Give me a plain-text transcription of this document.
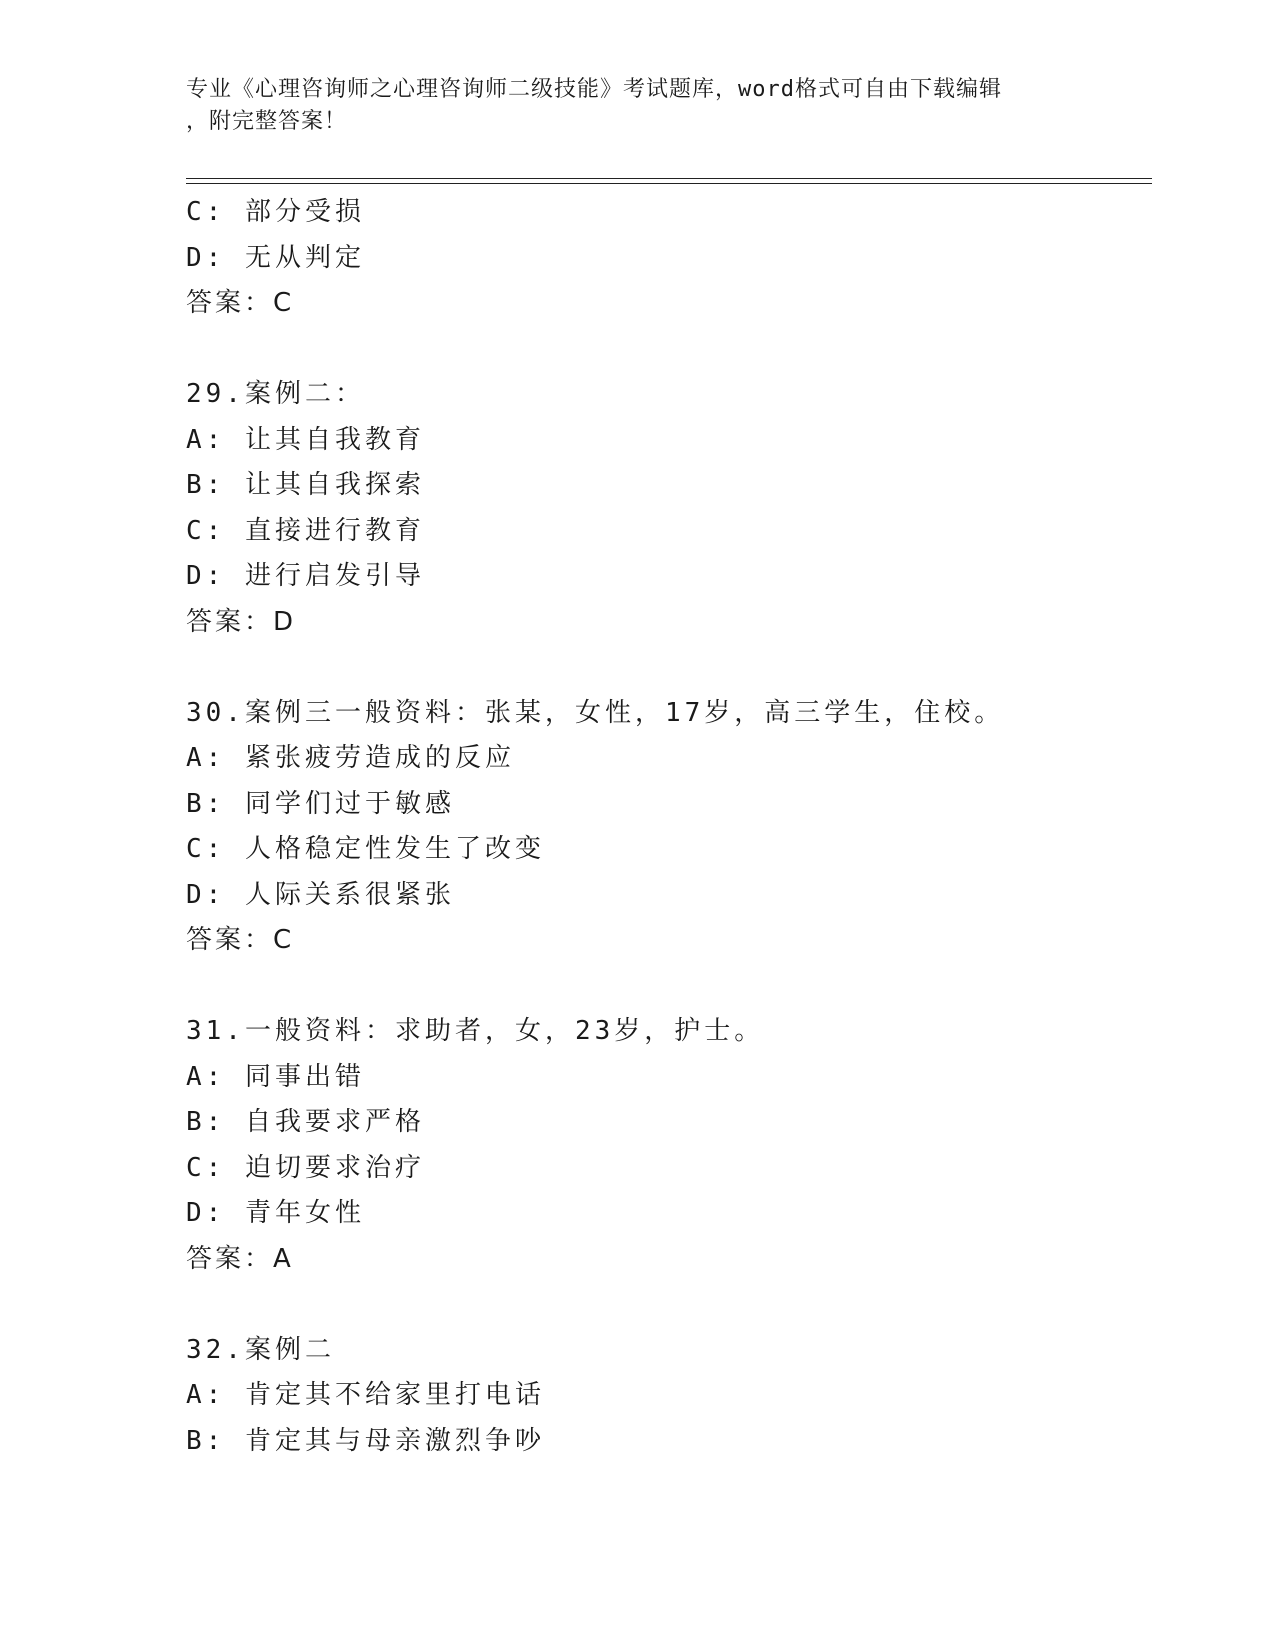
专业《心理咨询师之心理咨询师二级技能》考试题库，word格式可自由下载编辑
，附完整答案！
C: 部分受损
D: 无从判定
答案：C
29.案例二：
A: 让其自我教育
B: 让其自我探索
C: 直接进行教育
D: 进行启发引导
答案：D
30.案例三一般资料：张某，女性，17岁，高三学生，住校。
A: 紧张疲劳造成的反应
B: 同学们过于敏感
C: 人格稳定性发生了改变
D: 人际关系很紧张
答案：C
31.一般资料：求助者，女，23岁，护士。
A: 同事出错
B: 自我要求严格
C: 迫切要求治疗
D: 青年女性
答案：A
32.案例二
A: 肯定其不给家里打电话
B: 肯定其与母亲激烈争吵
